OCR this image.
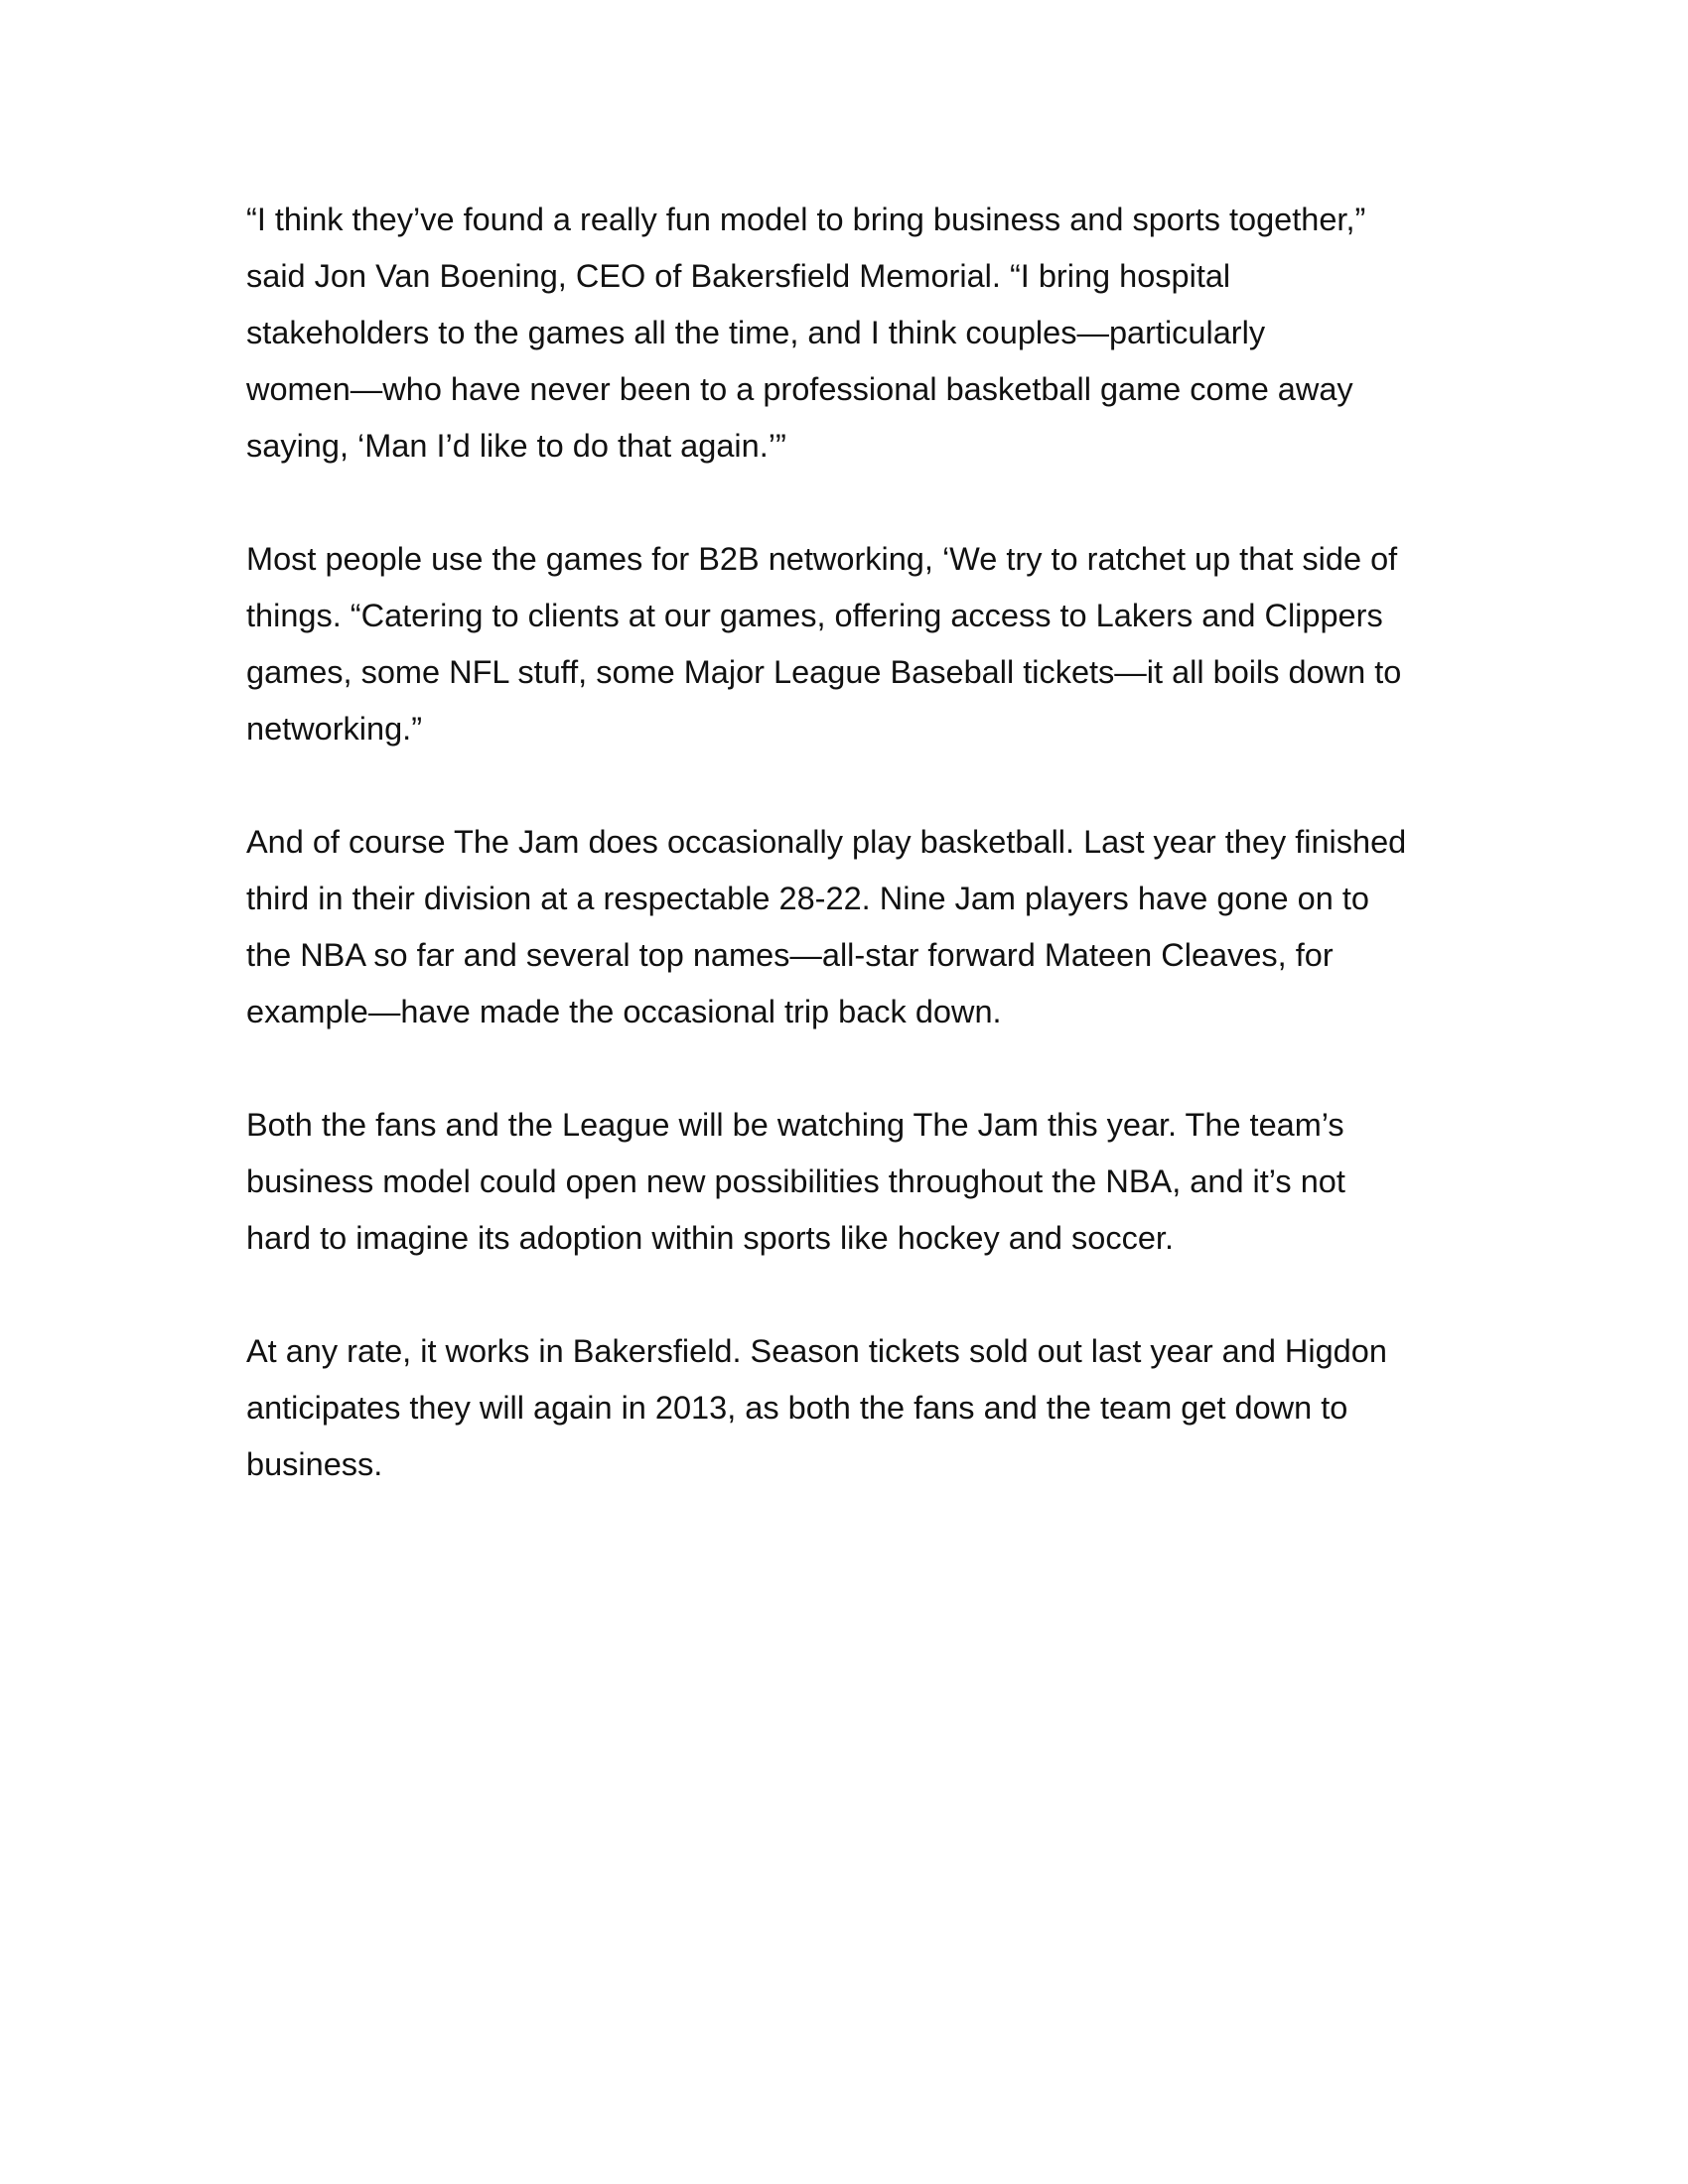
“I think they’ve found a really fun model to bring business and sports together,”
said Jon Van Boening, CEO of Bakersfield Memorial. “I bring hospital
stakeholders to the games all the time, and I think couples—particularly
women—who have never been to a professional basketball game come away
saying, ‘Man I’d like to do that again.’”

Most people use the games for B2B networking, ‘We try to ratchet up that side of
things. “Catering to clients at our games, offering access to Lakers and Clippers
games, some NFL stuff, some Major League Baseball tickets—it all boils down to
networking.”

And of course The Jam does occasionally play basketball. Last year they finished
third in their division at a respectable 28-22. Nine Jam players have gone on to
the NBA so far and several top names—all-star forward Mateen Cleaves, for
example—have made the occasional trip back down.

Both the fans and the League will be watching The Jam this year. The team’s
business model could open new possibilities throughout the NBA, and it’s not
hard to imagine its adoption within sports like hockey and soccer.

At any rate, it works in Bakersfield. Season tickets sold out last year and Higdon
anticipates they will again in 2013, as both the fans and the team get down to
business.
